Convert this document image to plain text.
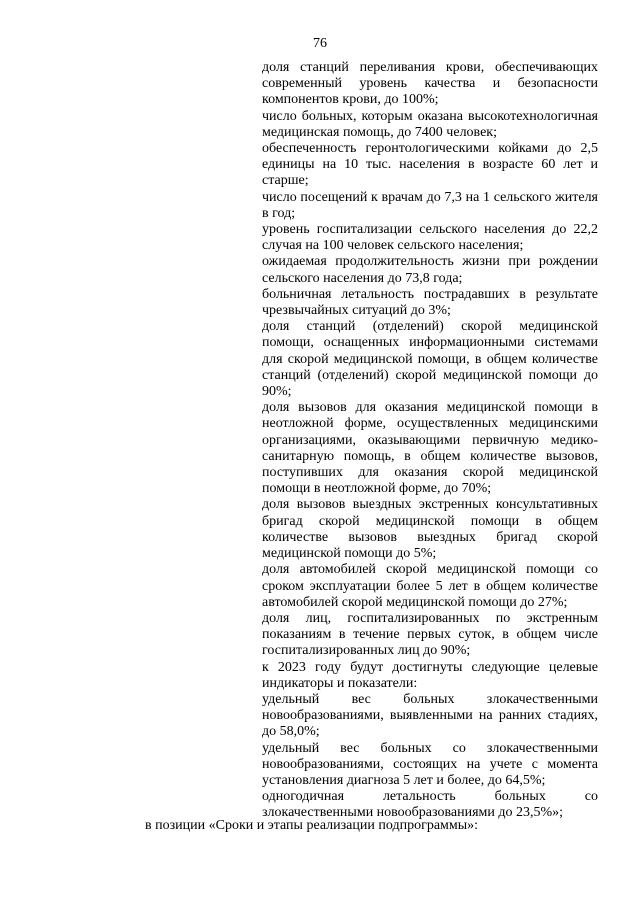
76

доля станций переливания крови, обеспечивающих современный уровень качества и безопасности компонентов крови, до 100%;

число больных, которым оказана высокотехнологичная медицинская помощь, до 7400 человек;

обеспеченность геронтологическими койками до 2,5 единицы на 10 тыс. населения в возрасте 60 лет и старше;

число посещений к врачам до 7,3 на 1 сельского жителя в год;

уровень госпитализации сельского населения до 22,2 случая на 100 человек сельского населения;

ожидаемая продолжительность жизни при рождении сельского населения до 73,8 года;

больничная летальность пострадавших в результате чрезвычайных ситуаций до 3%;

доля станций (отделений) скорой медицинской помощи, оснащенных информационными системами для скорой медицинской помощи, в общем количестве станций (отделений) скорой медицинской помощи до 90%;

доля вызовов для оказания медицинской помощи в неотложной форме, осуществленных медицинскими организациями, оказывающими первичную медико-санитарную помощь, в общем количестве вызовов, поступивших для оказания скорой медицинской помощи в неотложной форме, до 70%;

доля вызовов выездных экстренных консультативных бригад скорой медицинской помощи в общем количестве вызовов выездных бригад скорой медицинской помощи до 5%;

доля автомобилей скорой медицинской помощи со сроком эксплуатации более 5 лет в общем количестве автомобилей скорой медицинской помощи до 27%;

доля лиц, госпитализированных по экстренным показаниям в течение первых суток, в общем числе госпитализированных лиц до 90%;

к 2023 году будут достигнуты следующие целевые индикаторы и показатели:

удельный вес больных злокачественными новообразованиями, выявленными на ранних стадиях, до 58,0%;

удельный вес больных со злокачественными новообразованиями, состоящих на учете с момента установления диагноза 5 лет и более, до 64,5%;

одногодичная летальность больных со злокачественными новообразованиями до 23,5%»;

в позиции «Сроки и этапы реализации подпрограммы»:
